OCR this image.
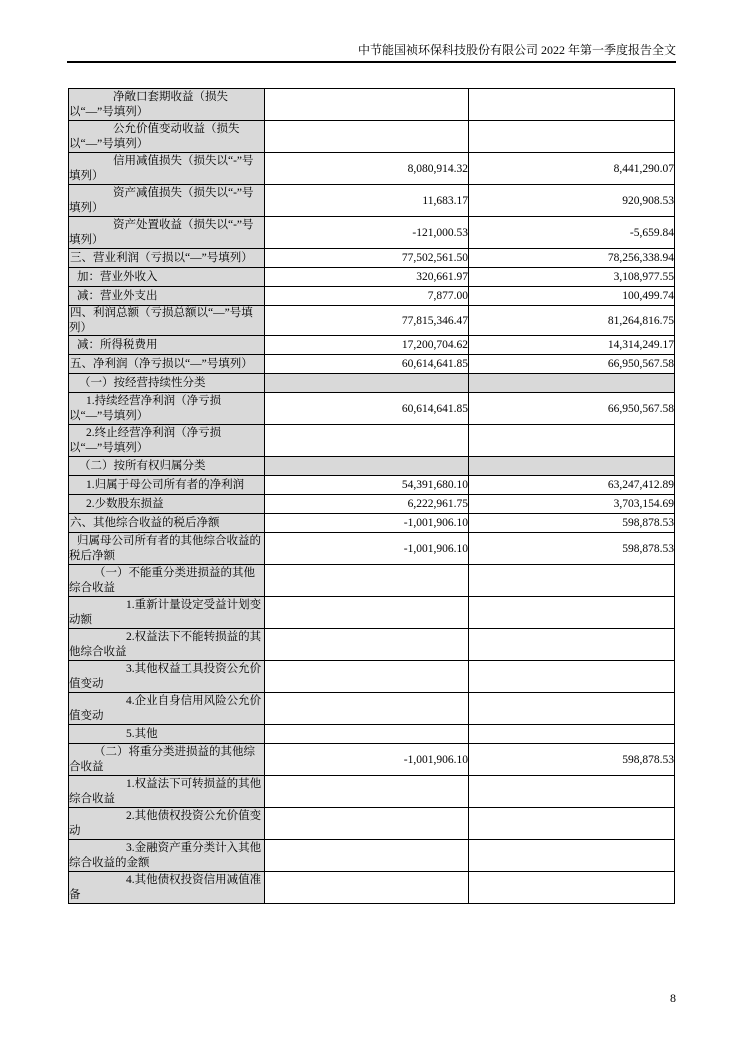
中节能国祯环保科技股份有限公司 2022 年第一季度报告全文
净敞口套期收益（损失以“—”号填列）		

公允价值变动收益（损失以“—”号填列）		

信用减值损失（损失以“-”号填列）	8,080,914.32	8,441,290.07

资产减值损失（损失以“-”号填列）	11,683.17	920,908.53

资产处置收益（损失以“-”号填列）	-121,000.53	-5,659.84

三、营业利润（亏损以“—”号填列）	77,502,561.50	78,256,338.94

加：营业外收入	320,661.97	3,108,977.55

减：营业外支出	7,877.00	100,499.74

四、利润总额（亏损总额以“—”号填列）	77,815,346.47	81,264,816.75

减：所得税费用	17,200,704.62	14,314,249.17

五、净利润（净亏损以“—”号填列）	60,614,641.85	66,950,567.58

（一）按经营持续性分类		

1.持续经营净利润（净亏损以“—”号填列）	60,614,641.85	66,950,567.58

2.终止经营净利润（净亏损以“—”号填列）		

（二）按所有权归属分类		

1.归属于母公司所有者的净利润	54,391,680.10	63,247,412.89

2.少数股东损益	6,222,961.75	3,703,154.69

六、其他综合收益的税后净额	-1,001,906.10	598,878.53

归属母公司所有者的其他综合收益的税后净额	-1,001,906.10	598,878.53

（一）不能重分类进损益的其他综合收益		

1.重新计量设定受益计划变动额		

2.权益法下不能转损益的其他综合收益		

3.其他权益工具投资公允价值变动		

4.企业自身信用风险公允价值变动		

5.其他		

（二）将重分类进损益的其他综合收益	-1,001,906.10	598,878.53

1.权益法下可转损益的其他综合收益		

2.其他债权投资公允价值变动		

3.金融资产重分类计入其他综合收益的金额		

4.其他债权投资信用减值准备		

8
